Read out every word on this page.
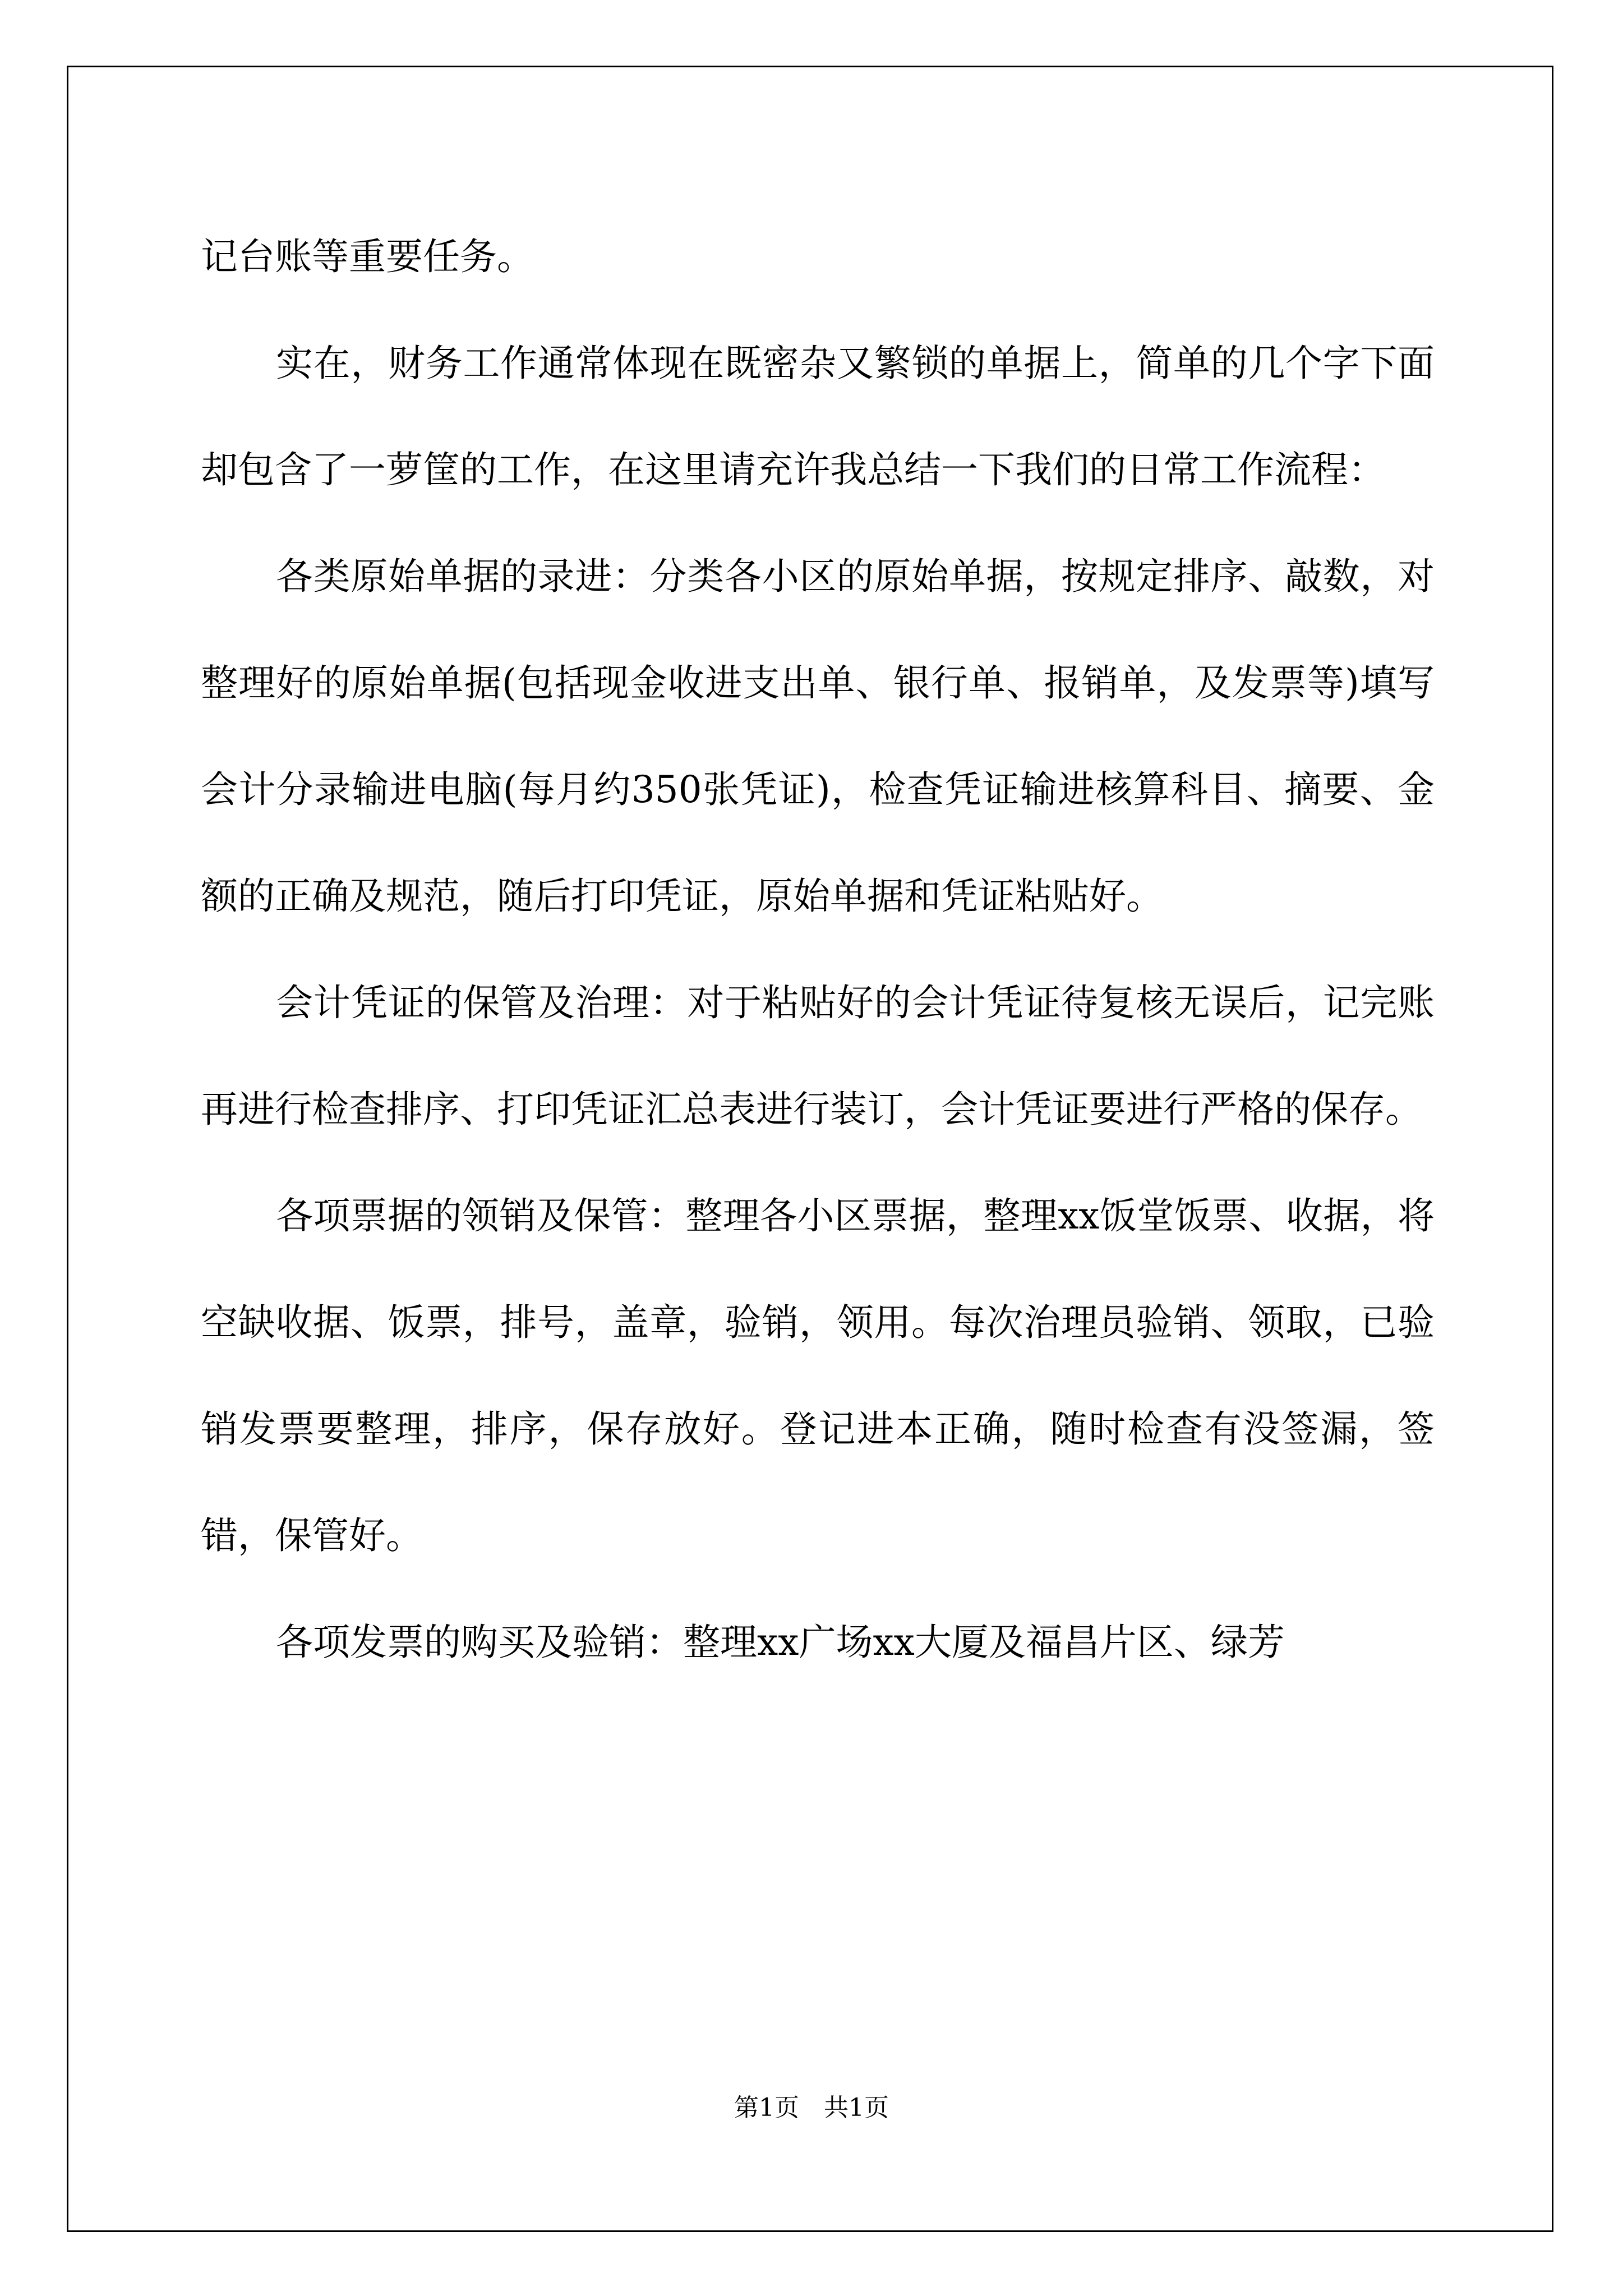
记台账等重要任务。

实在，财务工作通常体现在既密杂又繁锁的单据上，简单的几个字下面却包含了一萝筐的工作，在这里请充许我总结一下我们的日常工作流程：

各类原始单据的录进：分类各小区的原始单据，按规定排序、敲数，对整理好的原始单据(包括现金收进支出单、银行单、报销单，及发票等)填写会计分录输进电脑(每月约350张凭证)，检查凭证输进核算科目、摘要、金额的正确及规范，随后打印凭证，原始单据和凭证粘贴好。

会计凭证的保管及治理：对于粘贴好的会计凭证待复核无误后，记完账再进行检查排序、打印凭证汇总表进行装订，会计凭证要进行严格的保存。

各项票据的领销及保管：整理各小区票据，整理xx饭堂饭票、收据，将空缺收据、饭票，排号，盖章，验销，领用。每次治理员验销、领取，已验销发票要整理，排序，保存放好。登记进本正确，随时检查有没签漏，签错，保管好。

各项发票的购买及验销：整理xx广场xx大厦及福昌片区、绿芳

第1页　共1页
